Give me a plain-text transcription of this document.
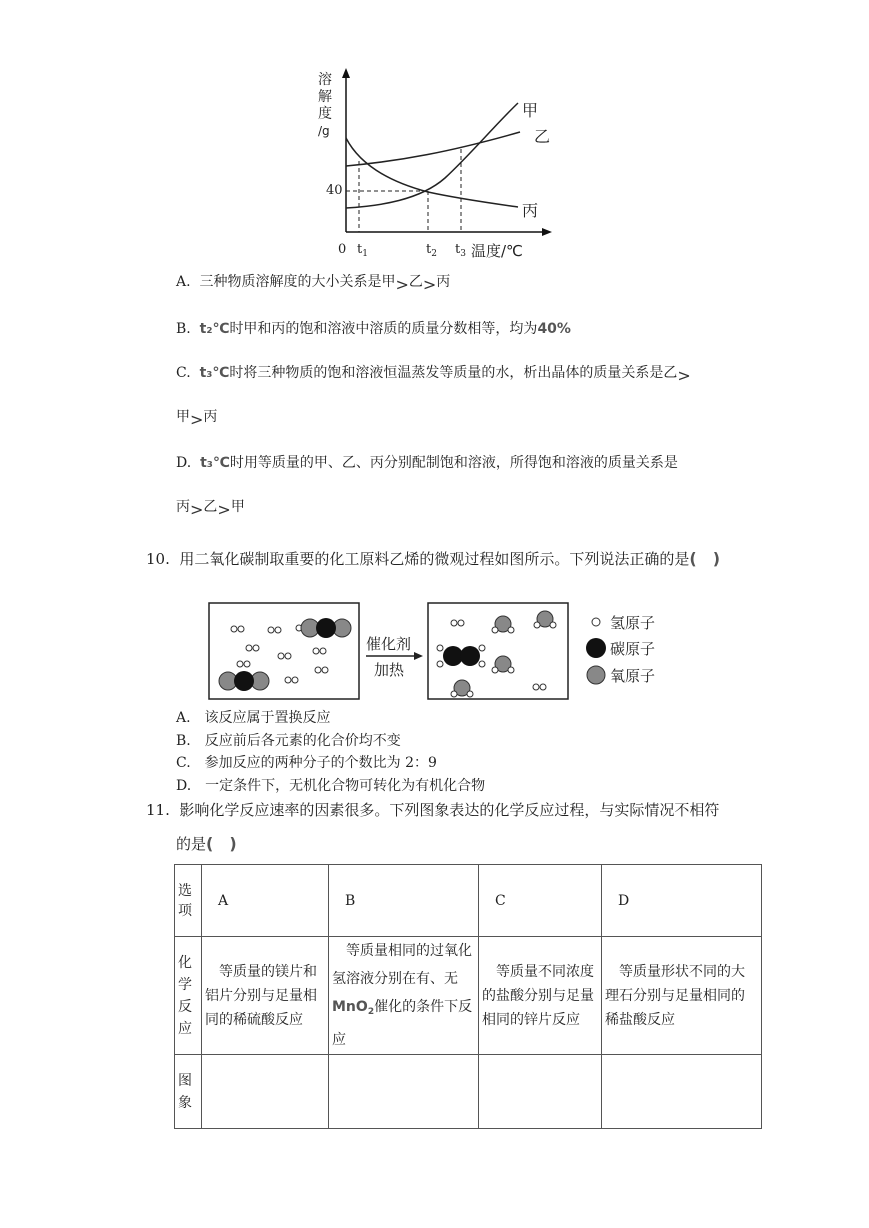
溶
解
度
/g
40
0 $t_1$	$t_2$ $t_3$ 温度/℃
甲
乙
丙
A. 三种物质溶解度的大小关系是甲>乙>丙
B. t₂℃时甲和丙的饱和溶液中溶质的质量分数相等，均为40%
C. t₃℃时将三种物质的饱和溶液恒温蒸发等质量的水，析出晶体的质量关系是乙>
甲>丙
D. t₃℃时用等质量的甲、乙、丙分别配制饱和溶液，所得饱和溶液的质量关系是
丙>乙>甲
10. 用二氧化碳制取重要的化工原料乙烯的微观过程如图所示。下列说法正确的是(　)
催化剂
加热
氢原子
碳原子
氧原子
A.　该反应属于置换反应
B.　反应前后各元素的化合价均不变
C.　参加反应的两种分子的个数比为 2：9
D.　一定条件下，无机化合物可转化为有机化合物
11. 影响化学反应速率的因素很多。下列图象表达的化学反应过程，与实际情况不相符
的是(　)
选项	A	B	C	D
化学反应	　等质量的镁片和铝片分别与足量相同的稀硫酸反应	　等质量相同的过氧化氢溶液分别在有、无MnO$_2$催化的条件下反应	　等质量不同浓度的盐酸分别与足量相同的锌片反应	　等质量形状不同的大理石分别与足量相同的稀盐酸反应
图象				
